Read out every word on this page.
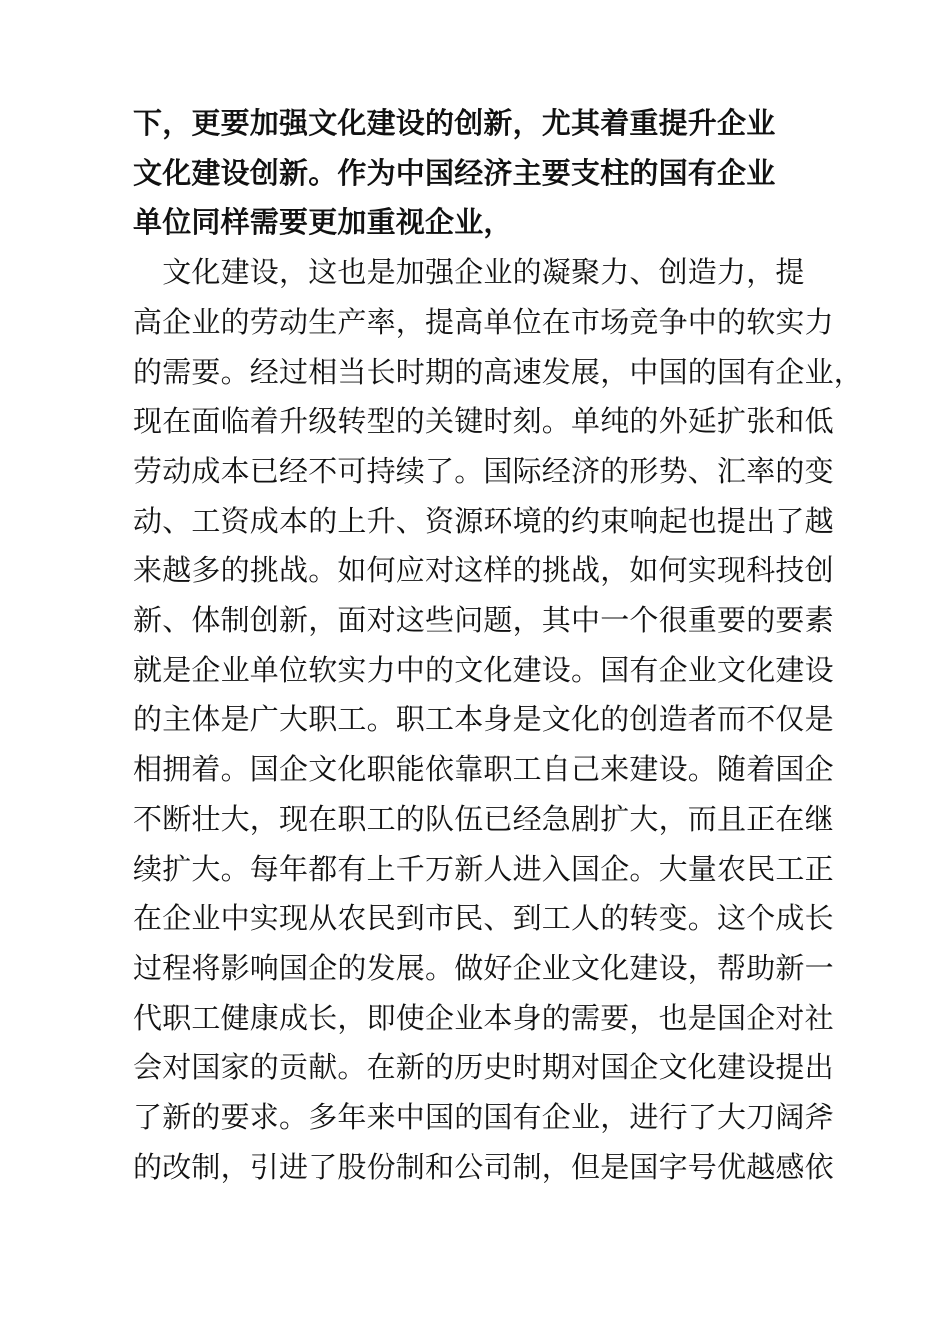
下，更要加强文化建设的创新，尤其着重提升企业
文化建设创新。作为中国经济主要支柱的国有企业
单位同样需要更加重视企业，
　文化建设，这也是加强企业的凝聚力、创造力，提
高企业的劳动生产率，提高单位在市场竞争中的软实力
的需要。经过相当长时期的高速发展，中国的国有企业，
现在面临着升级转型的关键时刻。单纯的外延扩张和低
劳动成本已经不可持续了。国际经济的形势、汇率的变
动、工资成本的上升、资源环境的约束响起也提出了越
来越多的挑战。如何应对这样的挑战，如何实现科技创
新、体制创新，面对这些问题，其中一个很重要的要素
就是企业单位软实力中的文化建设。国有企业文化建设
的主体是广大职工。职工本身是文化的创造者而不仅是
相拥着。国企文化职能依靠职工自己来建设。随着国企
不断壮大，现在职工的队伍已经急剧扩大，而且正在继
续扩大。每年都有上千万新人进入国企。大量农民工正
在企业中实现从农民到市民、到工人的转变。这个成长
过程将影响国企的发展。做好企业文化建设，帮助新一
代职工健康成长，即使企业本身的需要，也是国企对社
会对国家的贡献。在新的历史时期对国企文化建设提出
了新的要求。多年来中国的国有企业，进行了大刀阔斧
的改制，引进了股份制和公司制，但是国字号优越感依
